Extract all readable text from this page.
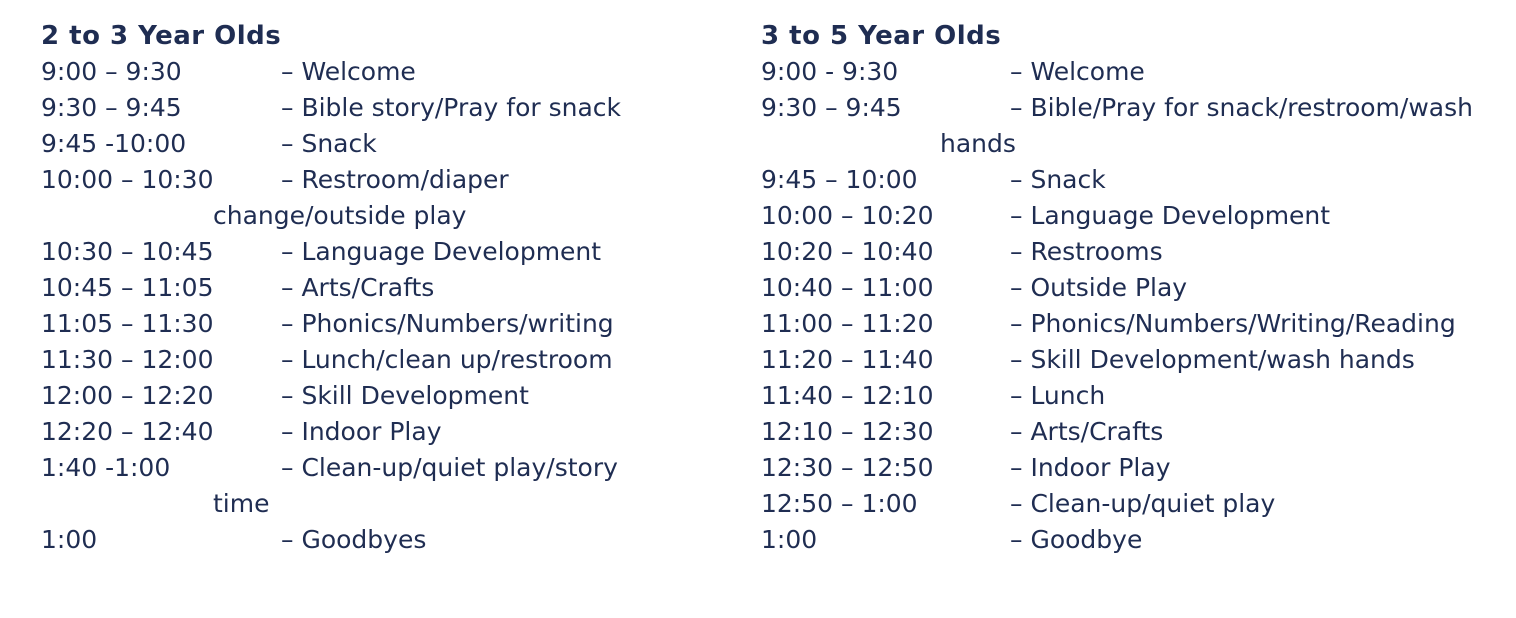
2 to 3 Year Olds
9:00 – 9:30	– Welcome
9:30 – 9:45	– Bible story/Pray for snack
9:45 -10:00	– Snack
10:00 – 10:30	– Restroom/diaper
change/outside play
10:30 – 10:45	– Language Development
10:45 – 11:05	– Arts/Crafts
11:05 – 11:30	– Phonics/Numbers/writing
11:30 – 12:00	– Lunch/clean up/restroom
12:00 – 12:20	– Skill Development
12:20 – 12:40	– Indoor Play
1:40 -1:00	– Clean-up/quiet play/story
time
1:00	– Goodbyes
3 to 5 Year Olds
9:00 - 9:30	– Welcome
9:30 – 9:45	– Bible/Pray for snack/restroom/wash
hands
9:45 – 10:00	– Snack
10:00 – 10:20	– Language Development
10:20 – 10:40	– Restrooms
10:40 – 11:00	– Outside Play
11:00 – 11:20	– Phonics/Numbers/Writing/Reading
11:20 – 11:40	– Skill Development/wash hands
11:40 – 12:10	– Lunch
12:10 – 12:30	– Arts/Crafts
12:30 – 12:50	– Indoor Play
12:50 – 1:00	– Clean-up/quiet play
1:00	– Goodbye
